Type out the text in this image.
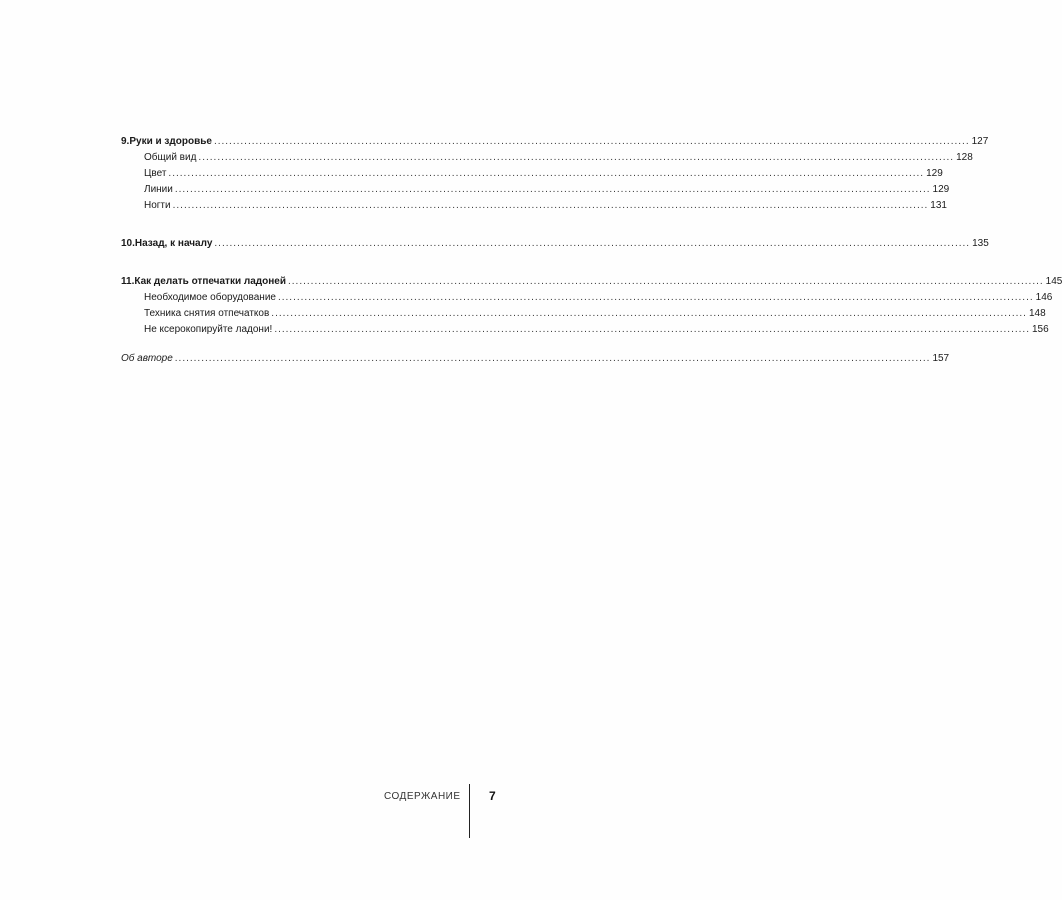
9. Руки и здоровье ........................................................................................................................................................................................................ 127
Общий вид ........................................................................................................................................................................................................ 128
Цвет ........................................................................................................................................................................................................ 129
Линии ........................................................................................................................................................................................................ 129
Ногти ........................................................................................................................................................................................................ 131
10. Назад, к началу ........................................................................................................................................................................................................ 135
11. Как делать отпечатки ладоней ........................................................................................................................................................................................................ 145
Необходимое оборудование ........................................................................................................................................................................................................ 146
Техника снятия отпечатков ........................................................................................................................................................................................................ 148
Не ксерокопируйте ладони! ........................................................................................................................................................................................................ 156
Об авторе ........................................................................................................................................................................................................ 157
СОДЕРЖАНИЕ 7
